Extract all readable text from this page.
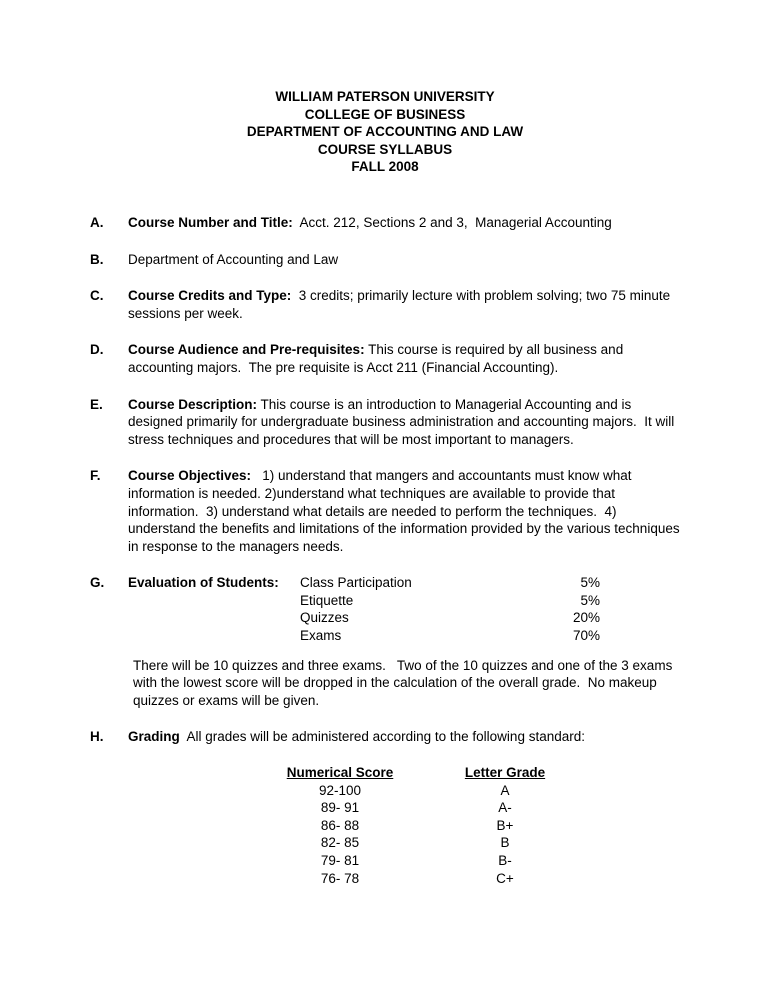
WILLIAM PATERSON UNIVERSITY
COLLEGE OF BUSINESS
DEPARTMENT OF ACCOUNTING AND LAW
COURSE SYLLABUS
FALL 2008
A.	Course Number and Title:  Acct. 212, Sections 2 and 3,  Managerial Accounting

B.	Department of Accounting and Law

C.	Course Credits and Type:  3 credits; primarily lecture with problem solving; two 75 minute sessions per week.

D.	Course Audience and Pre-requisites: This course is required by all business and accounting majors.  The pre requisite is Acct 211 (Financial Accounting).

E.	Course Description: This course is an introduction to Managerial Accounting and is designed primarily for undergraduate business administration and accounting majors.  It will stress techniques and procedures that will be most important to managers.

F.	Course Objectives:   1) understand that mangers and accountants must know what information is needed. 2)understand what techniques are available to provide that information.  3) understand what details are needed to perform the techniques.  4) understand the benefits and limitations of the information provided by the various techniques in response to the managers needs.

G.	Evaluation of Students:	Class Participation	5%
Etiquette	5%
Quizzes	20%
Exams	70%

There will be 10 quizzes and three exams.   Two of the 10 quizzes and one of the 3 exams with the lowest score will be dropped in the calculation of the overall grade.  No makeup quizzes or exams will be given.

H.	Grading  All grades will be administered according to the following standard:

Numerical Score	Letter Grade
92-100	A
89- 91	A-
86- 88	B+
82- 85	B
79- 81	B-
76- 78	C+
